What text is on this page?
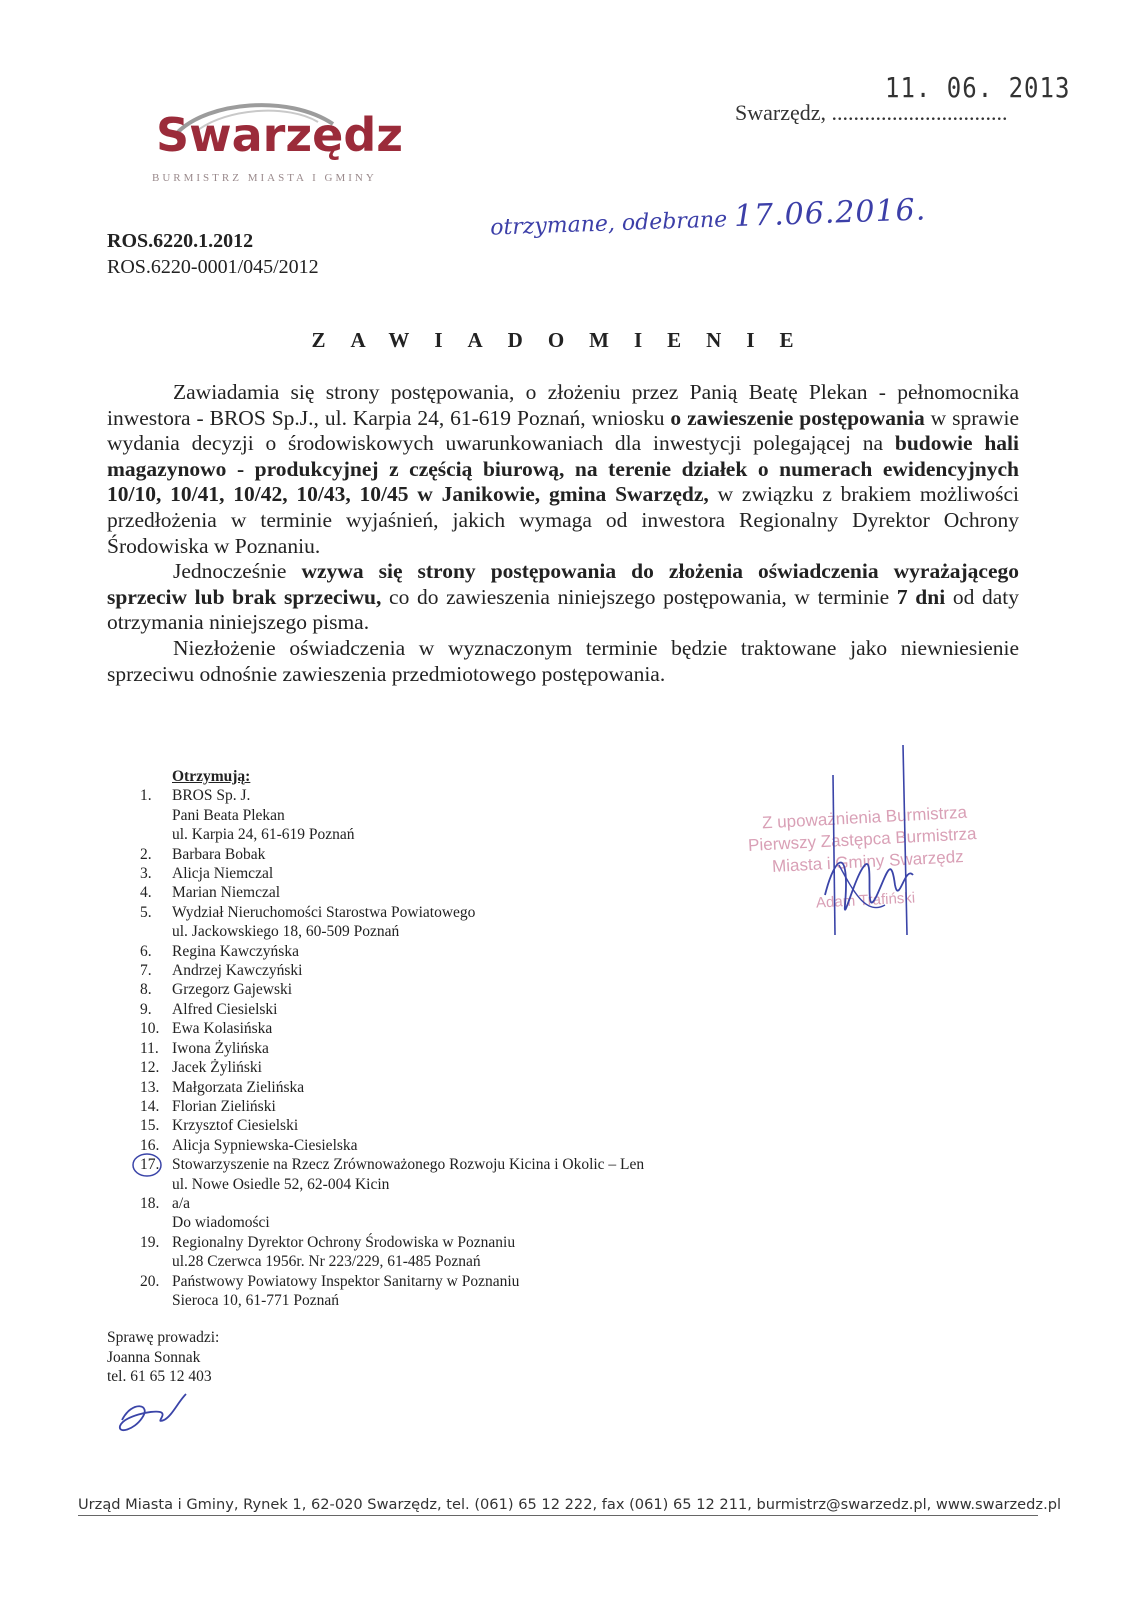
Swarzędz
BURMISTRZ MIASTA I GMINY
11. 06. 2013
Swarzędz, ................................
ROS.6220.1.2012
ROS.6220-0001/045/2012
otrzymane, odebrane 17.06.2016.
ZAWIADOMIENIE

Zawiadamia się strony postępowania, o złożeniu przez Panią Beatę Plekan - pełnomocnika inwestora - BROS Sp.J., ul. Karpia 24, 61-619 Poznań, wniosku o zawieszenie postępowania w sprawie wydania decyzji o środowiskowych uwarunkowaniach dla inwestycji polegającej na budowie hali magazynowo - produkcyjnej z częścią biurową, na terenie działek o numerach ewidencyjnych 10/10, 10/41, 10/42, 10/43, 10/45 w Janikowie, gmina Swarzędz, w związku z brakiem możliwości przedłożenia w terminie wyjaśnień, jakich wymaga od inwestora Regionalny Dyrektor Ochrony Środowiska w Poznaniu.

Jednocześnie wzywa się strony postępowania do złożenia oświadczenia wyrażającego sprzeciw lub brak sprzeciwu, co do zawieszenia niniejszego postępowania, w terminie 7 dni od daty otrzymania niniejszego pisma.

Niezłożenie oświadczenia w wyznaczonym terminie będzie traktowane jako niewniesienie sprzeciwu odnośnie zawieszenia przedmiotowego postępowania.

Otrzymują:
1.	BROS Sp. J.
Pani Beata Plekan
ul. Karpia 24, 61-619 Poznań
2.	Barbara Bobak
3.	Alicja Niemczal
4.	Marian Niemczal
5.	Wydział Nieruchomości Starostwa Powiatowego
ul. Jackowskiego 18, 60-509 Poznań
6.	Regina Kawczyńska
7.	Andrzej Kawczyński
8.	Grzegorz Gajewski
9.	Alfred Ciesielski
10. Ewa Kolasińska
11. Iwona Żylińska
12. Jacek Żyliński
13. Małgorzata Zielińska
14. Florian Zieliński
15. Krzysztof Ciesielski
16. Alicja Sypniewska-Ciesielska
17. Stowarzyszenie na Rzecz Zrównoważonego Rozwoju Kicina i Okolic – Len
ul. Nowe Osiedle 52, 62-004 Kicin
18. a/a
Do wiadomości
19. Regionalny Dyrektor Ochrony Środowiska w Poznaniu
ul.28 Czerwca 1956r. Nr 223/229, 61-485 Poznań
20. Państwowy Powiatowy Inspektor Sanitarny w Poznaniu
Sieroca 10, 61-771 Poznań
Z upoważnienia Burmistrza
Pierwszy Zastępca Burmistrza
Miasta i Gminy Swarzędz
Adam Trafiński
Sprawę prowadzi:
Joanna Sonnak
tel. 61 65 12 403
Urząd Miasta i Gminy, Rynek 1, 62-020 Swarzędz, tel. (061) 65 12 222, fax (061) 65 12 211, burmistrz@swarzedz.pl, www.swarzedz.pl
